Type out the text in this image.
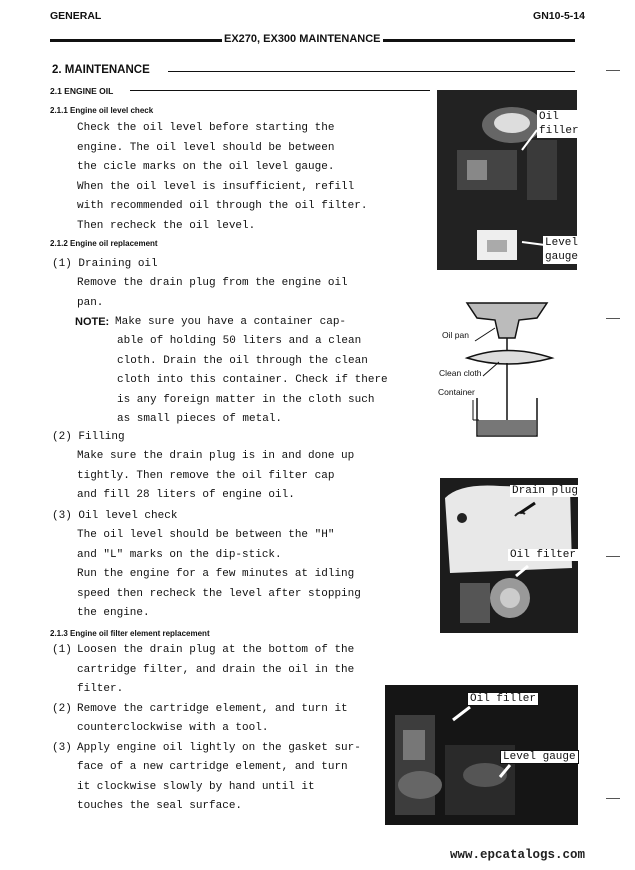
GENERAL	GN10-5-14
EX270, EX300 MAINTENANCE
2. MAINTENANCE
2.1 ENGINE OIL
2.1.1 Engine oil level check
Check the oil level before starting the
engine. The oil level should be between
the cicle marks on the oil level gauge.
When the oil level is insufficient, refill
with recommended oil through the oil filter.
Then recheck the oil level.
2.1.2 Engine oil replacement
(1) Draining oil
Remove the drain plug from the engine oil
pan.
NOTE: Make sure you have a container cap-
able of holding 50 liters and a clean
cloth. Drain the oil through the clean
cloth into this container. Check if there
is any foreign matter in the cloth such
as small pieces of metal.
(2) Filling
Make sure the drain plug is in and done up
tightly. Then remove the oil filter cap
and fill 28 liters of engine oil.
(3) Oil level check
The oil level should be between the "H"
and "L" marks on the dip-stick.
Run the engine for a few minutes at idling
speed then recheck the level after stopping
the engine.
2.1.3 Engine oil filter element replacement
(1) Loosen the drain plug at the bottom of the
cartridge filter, and drain the oil in the
filter.
(2) Remove the cartridge element, and turn it
counterclockwise with a tool.
(3) Apply engine oil lightly on the gasket sur-
face of a new cartridge element, and turn
it clockwise slowly by hand until it
touches the seal surface.
Oil
filler
Level
gauge
Oil pan
Clean cloth
Container
Drain plug
Oil filter
Oil filler
Level gauge
www.epcatalogs.com
